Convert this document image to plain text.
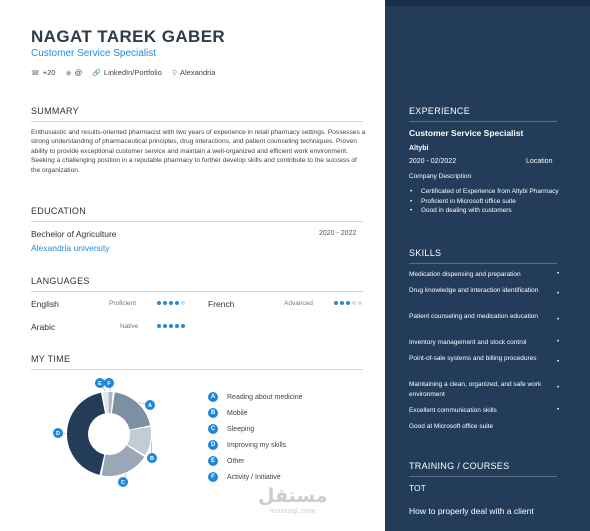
NAGAT TAREK GABER
Customer Service Specialist
☎ +20 ◉ @ 🔗 LinkedIn/Portfolio ⚲ Alexandria
SUMMARY
Enthusiastic and results-oriented pharmacist with two years of experience in retail pharmacy settings. Possesses a strong understanding of pharmaceutical principles, drug interactions, and patient counseling techniques. Proven ability to provide exceptional customer service and maintain a well-organized and efficient work environment. Seeking a challenging position in a reputable pharmacy to further develop skills and contribute to the success of the organization.
EDUCATION
Bechelor of Agriculture	2020 - 2022
Alexandria university
LANGUAGES
English	Proficient	French	Advanced
Arabic	Native
MY TIME
E F
A
B
C
D
A	Reading about medicine
B	Mobile
C	Sleeping
D	Improving my skills
E	Other
F	Activity / Initiative
مستقل
mostaql.com
EXPERIENCE
Customer Service Specialist
Altybi
2020 - 02/2022	Location
Company Description
• Certificated of Experience from Altybi Pharmacy
• Proficient in Microsoft office suite
• Good in dealing with customers
SKILLS
Medication dispensing and preparation	•
Drug knowledge and interaction identification	•
Patient counseling and medication education	•
Inventory management and stock control	•
Point-of-sale systems and billing procedures	•
Maintaining a clean, organized, and safe work environment
•
Excellent communication skills	•
Good at Microsoft office suite
TRAINING / COURSES
TOT
How to properly deal with a client
